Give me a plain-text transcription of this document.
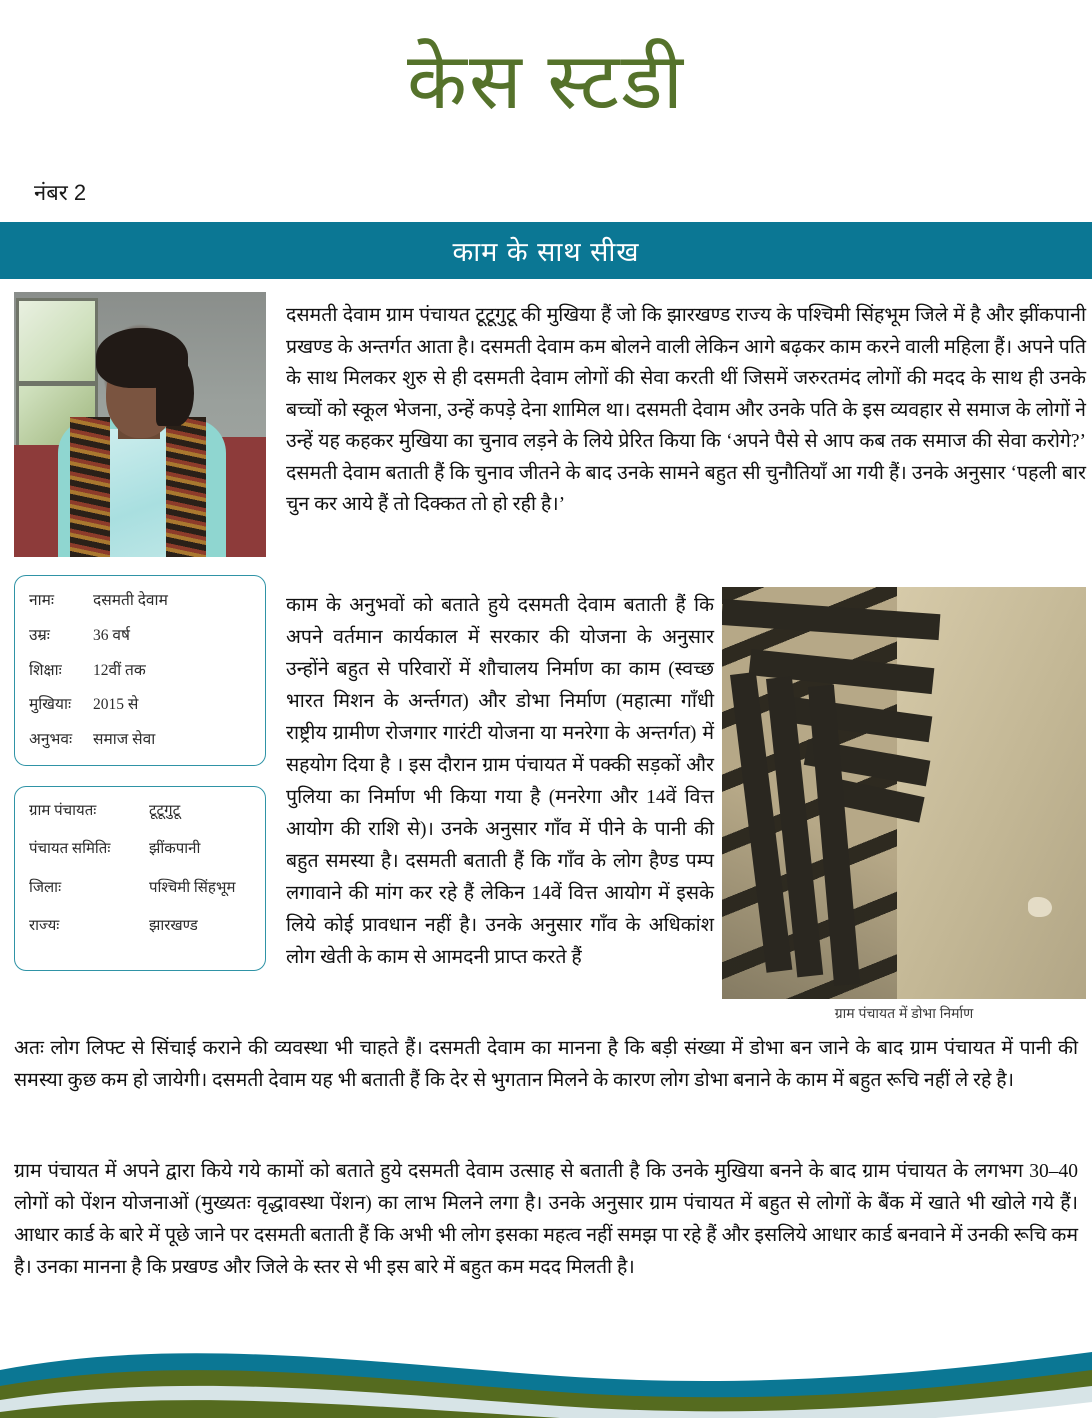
केस स्टडी
नंबर 2
काम के साथ सीख
नामः	दसमती देवाम
उम्रः	36 वर्ष
शिक्षाः	12वीं तक
मुखियाः	2015 से
अनुभवः	समाज सेवा
ग्राम पंचायतः	टूटूगुटू
पंचायत समितिः	झींकपानी
जिलाः	पश्चिमी सिंहभूम
राज्यः	झारखण्ड

दसमती देवाम ग्राम पंचायत टूटूगुटू की मुखिया हैं जो कि झारखण्ड राज्य के पश्चिमी सिंहभूम जिले में है और झींकपानी प्रखण्ड के अन्तर्गत आता है। दसमती देवाम कम बोलने वाली लेकिन आगे बढ़कर काम करने वाली महिला हैं। अपने पति के साथ मिलकर शुरु से ही दसमती देवाम लोगों की सेवा करती थीं जिसमें जरुरतमंद लोगों की मदद के साथ ही उनके बच्चों को स्कूल भेजना, उन्हें कपड़े देना शामिल था। दसमती देवाम और उनके पति के इस व्यवहार से समाज के लोगों ने उन्हें यह कहकर मुखिया का चुनाव लड़ने के लिये प्रेरित किया कि ‘अपने पैसे से आप कब तक समाज की सेवा करोगे?’ दसमती देवाम बताती हैं कि चुनाव जीतने के बाद उनके सामने बहुत सी चुनौतियाँ आ गयी हैं। उनके अनुसार ‘पहली बार चुन कर आये हैं तो दिक्कत तो हो रही है।’

काम के अनुभवों को बताते हुये दसमती देवाम बताती हैं कि अपने वर्तमान कार्यकाल में सरकार की योजना के अनुसार उन्होंने बहुत से परिवारों में शौचालय निर्माण का काम (स्वच्छ भारत मिशन के अर्न्तगत) और डोभा निर्माण (महात्मा गाँधी राष्ट्रीय ग्रामीण रोजगार गारंटी योजना या मनरेगा के अन्तर्गत) में सहयोग दिया है । इस दौरान ग्राम पंचायत में पक्की सड़कों और पुलिया का निर्माण भी किया गया है (मनरेगा और 14वें वित्त आयोग की राशि से)। उनके अनुसार गाँव में पीने के पानी की बहुत समस्या है। दसमती बताती हैं कि गाँव के लोग हैण्ड पम्प लगावाने की मांग कर रहे हैं लेकिन 14वें वित्त आयोग में इसके लिये कोई प्रावधान नहीं है। उनके अनुसार गाँव के अधिकांश लोग खेती के काम से आमदनी प्राप्त करते हैं

ग्राम पंचायत में डोभा निर्माण

अतः लोग लिफ्ट से सिंचाई कराने की व्यवस्था भी चाहते हैं। दसमती देवाम का मानना है कि बड़ी संख्या में डोभा बन जाने के बाद ग्राम पंचायत में पानी की समस्या कुछ कम हो जायेगी। दसमती देवाम यह भी बताती हैं कि देर से भुगतान मिलने के कारण लोग डोभा बनाने के काम में बहुत रूचि नहीं ले रहे है।

ग्राम पंचायत में अपने द्वारा किये गये कामों को बताते हुये दसमती देवाम उत्साह से बताती है कि उनके मुखिया बनने के बाद ग्राम पंचायत के लगभग 30–40 लोगों को पेंशन योजनाओं (मुख्यतः वृद्धावस्था पेंशन) का लाभ मिलने लगा है। उनके अनुसार ग्राम पंचायत में बहुत से लोगों के बैंक में खाते भी खोले गये हैं। आधार कार्ड के बारे में पूछे जाने पर दसमती बताती हैं कि अभी भी लोग इसका महत्व नहीं समझ पा रहे हैं और इसलिये आधार कार्ड बनवाने में उनकी रूचि कम है। उनका मानना है कि प्रखण्ड और जिले के स्तर से भी इस बारे में बहुत कम मदद मिलती है।
